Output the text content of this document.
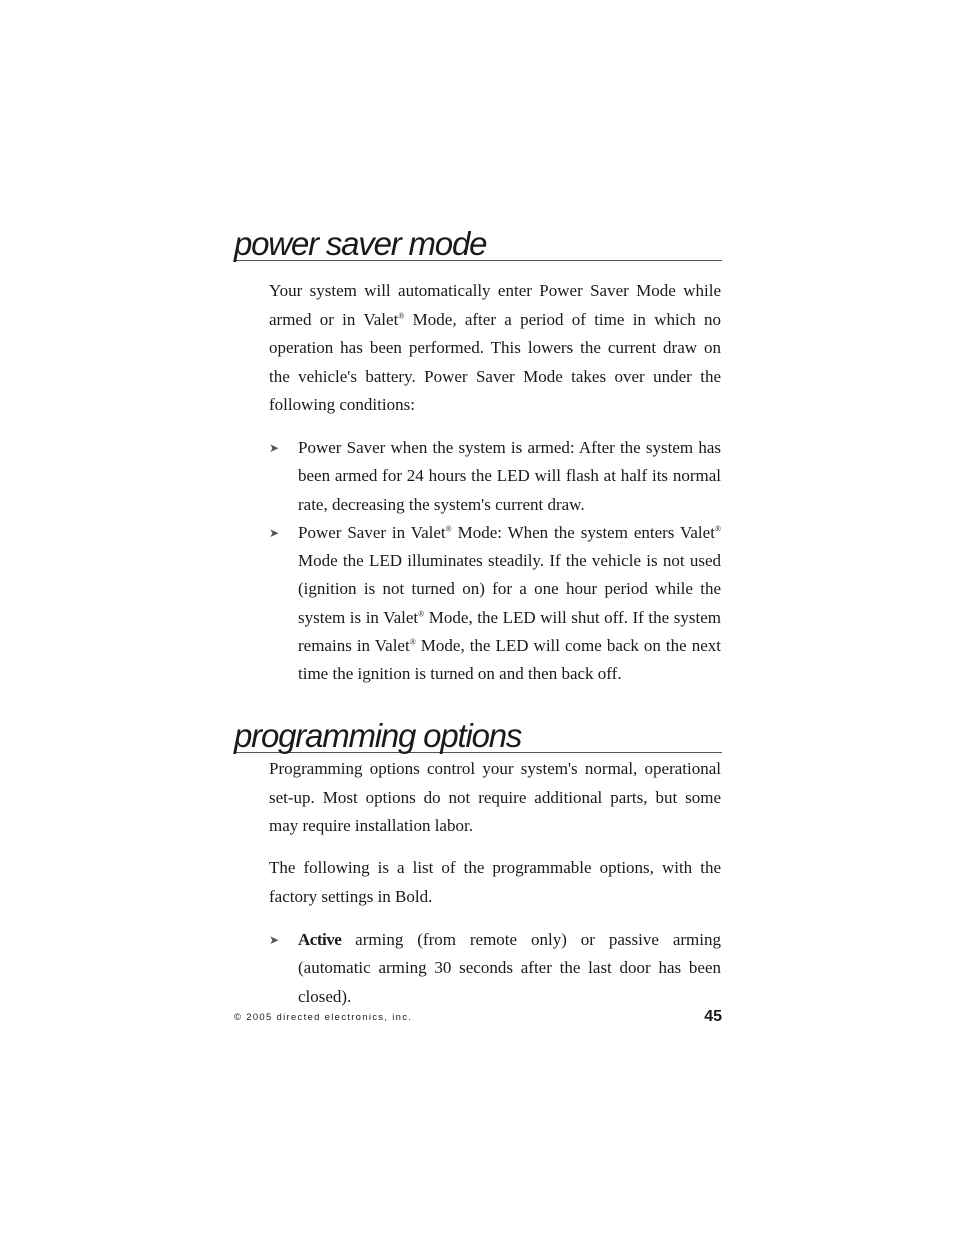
power saver mode

Your system will automatically enter Power Saver Mode while armed or in Valet® Mode, after a period of time in which no operation has been performed. This lowers the current draw on the vehicle's battery. Power Saver Mode takes over under the following conditions:

➤ Power Saver when the system is armed: After the system has been armed for 24 hours the LED will flash at half its normal rate, decreasing the system's current draw.
➤ Power Saver in Valet® Mode: When the system enters Valet® Mode the LED illuminates steadily. If the vehicle is not used (ignition is not turned on) for a one hour period while the system is in Valet® Mode, the LED will shut off. If the system remains in Valet® Mode, the LED will come back on the next time the ignition is turned on and then back off.
programming options

Programming options control your system's normal, operational set-up. Most options do not require additional parts, but some may require installation labor.

The following is a list of the programmable options, with the factory settings in Bold.

➤ Active arming (from remote only) or passive arming (automatic arming 30 seconds after the last door has been closed).
© 2005 directed electronics, inc.	45
